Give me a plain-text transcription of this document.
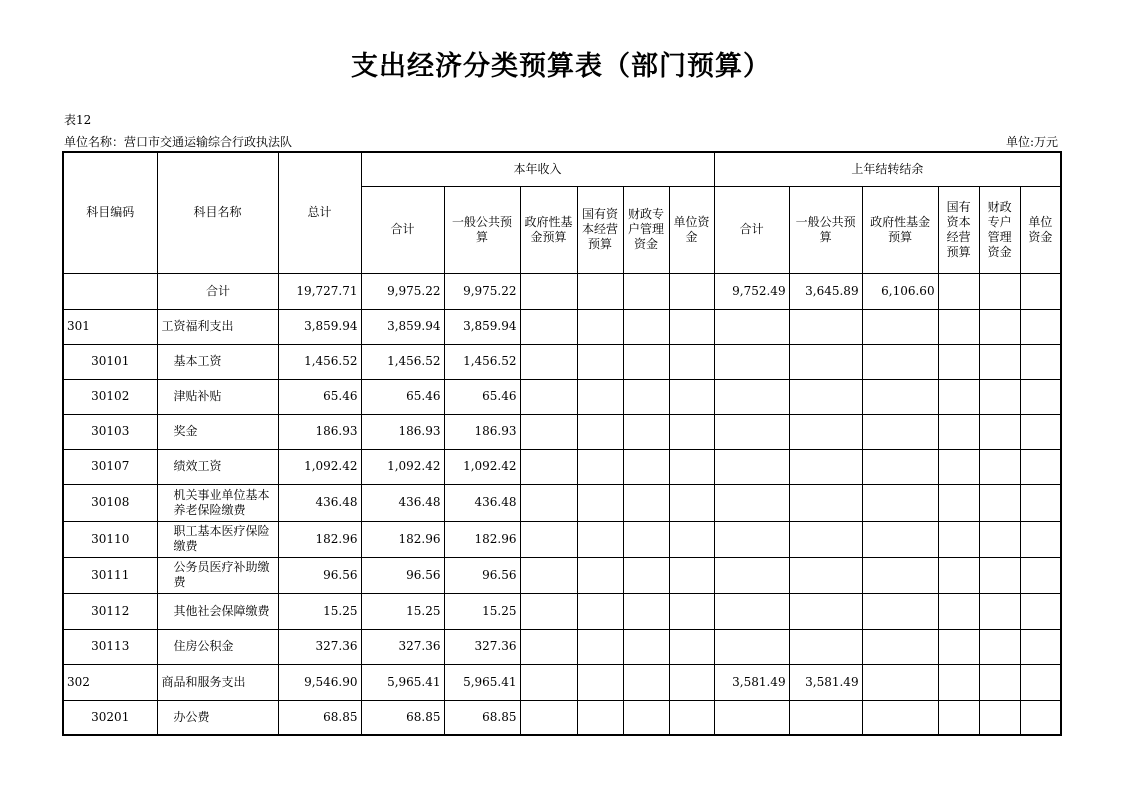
支出经济分类预算表（部门预算）
表12
单位名称：营口市交通运输综合行政执法队	单位:万元
科目编码	科目名称	总计	本年收入						上年结转结余					
			合计	一般公共预算	政府性基金预算	国有资本经营预算	财政专户管理资金	单位资金	合计	一般公共预算	政府性基金预算	国有资本经营预算	财政专户管理资金	单位资金
	合计	19,727.71	9,975.22	9,975.22					9,752.49	3,645.89	6,106.60			
301	工资福利支出	3,859.94	3,859.94	3,859.94										
30101	基本工资	1,456.52	1,456.52	1,456.52										
30102	津贴补贴	65.46	65.46	65.46										
30103	奖金	186.93	186.93	186.93										
30107	绩效工资	1,092.42	1,092.42	1,092.42										
30108	机关事业单位基本养老保险缴费	436.48	436.48	436.48										
30110	职工基本医疗保险缴费	182.96	182.96	182.96										
30111	公务员医疗补助缴费	96.56	96.56	96.56										
30112	其他社会保障缴费	15.25	15.25	15.25										
30113	住房公积金	327.36	327.36	327.36										
302	商品和服务支出	9,546.90	5,965.41	5,965.41					3,581.49	3,581.49				
30201	办公费	68.85	68.85	68.85										
